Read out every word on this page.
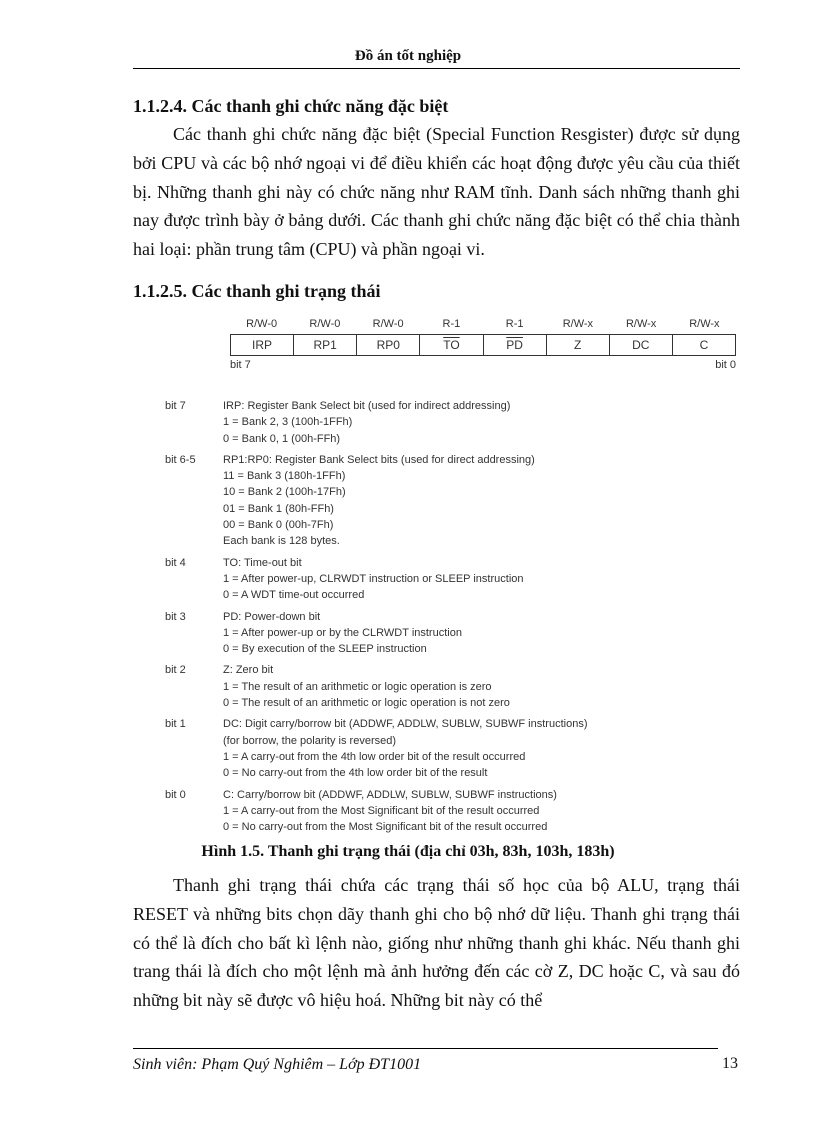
Đồ án tốt nghiệp
1.1.2.4. Các thanh ghi chức năng đặc biệt

Các thanh ghi chức năng đặc biệt (Special Function Resgister) được sử dụng bởi CPU và các bộ nhớ ngoại vi để điều khiển các hoạt động được yêu cầu của thiết bị. Những thanh ghi này có chức năng như RAM tĩnh. Danh sách những thanh ghi nay được trình bày ở bảng dưới. Các thanh ghi chức năng đặc biệt có thể chia thành hai loại: phần trung tâm (CPU) và phần ngoại vi.

1.1.2.5. Các thanh ghi trạng thái
R/W-0	R/W-0	R/W-0	R-1	R-1	R/W-x	R/W-x	R/W-x
IRP	RP1	RP0	$\overline{TO}$	$\overline{PD}$	Z	DC	C
bit 7	bit 0
bit 7	IRP: Register Bank Select bit (used for indirect addressing)
1 = Bank 2, 3 (100h-1FFh)
0 = Bank 0, 1 (00h-FFh)
bit 6-5	RP1:RP0: Register Bank Select bits (used for direct addressing)
11 = Bank 3 (180h-1FFh)
10 = Bank 2 (100h-17Fh)
01 = Bank 1 (80h-FFh)
00 = Bank 0 (00h-7Fh)
Each bank is 128 bytes.
bit 4	TO: Time-out bit
1 = After power-up, CLRWDT instruction or SLEEP instruction
0 = A WDT time-out occurred
bit 3	PD: Power-down bit
1 = After power-up or by the CLRWDT instruction
0 = By execution of the SLEEP instruction
bit 2	Z: Zero bit
1 = The result of an arithmetic or logic operation is zero
0 = The result of an arithmetic or logic operation is not zero
bit 1	DC: Digit carry/borrow bit (ADDWF, ADDLW, SUBLW, SUBWF instructions)
(for borrow, the polarity is reversed)
1 = A carry-out from the 4th low order bit of the result occurred
0 = No carry-out from the 4th low order bit of the result
bit 0	C: Carry/borrow bit (ADDWF, ADDLW, SUBLW, SUBWF instructions)
1 = A carry-out from the Most Significant bit of the result occurred
0 = No carry-out from the Most Significant bit of the result occurred
Hình 1.5. Thanh ghi trạng thái (địa chỉ 03h, 83h, 103h, 183h)

Thanh ghi trạng thái chứa các trạng thái số học của bộ ALU, trạng thái RESET và những bits chọn dãy thanh ghi cho bộ nhớ dữ liệu. Thanh ghi trạng thái có thể là đích cho bất kì lệnh nào, giống như những thanh ghi khác. Nếu thanh ghi trang thái là đích cho một lệnh mà ảnh hưởng đến các cờ Z, DC hoặc C, và sau đó những bit này sẽ được vô hiệu hoá. Những bit này có thể

Sinh viên: Phạm Quý Nghiêm – Lớp ĐT1001	13
